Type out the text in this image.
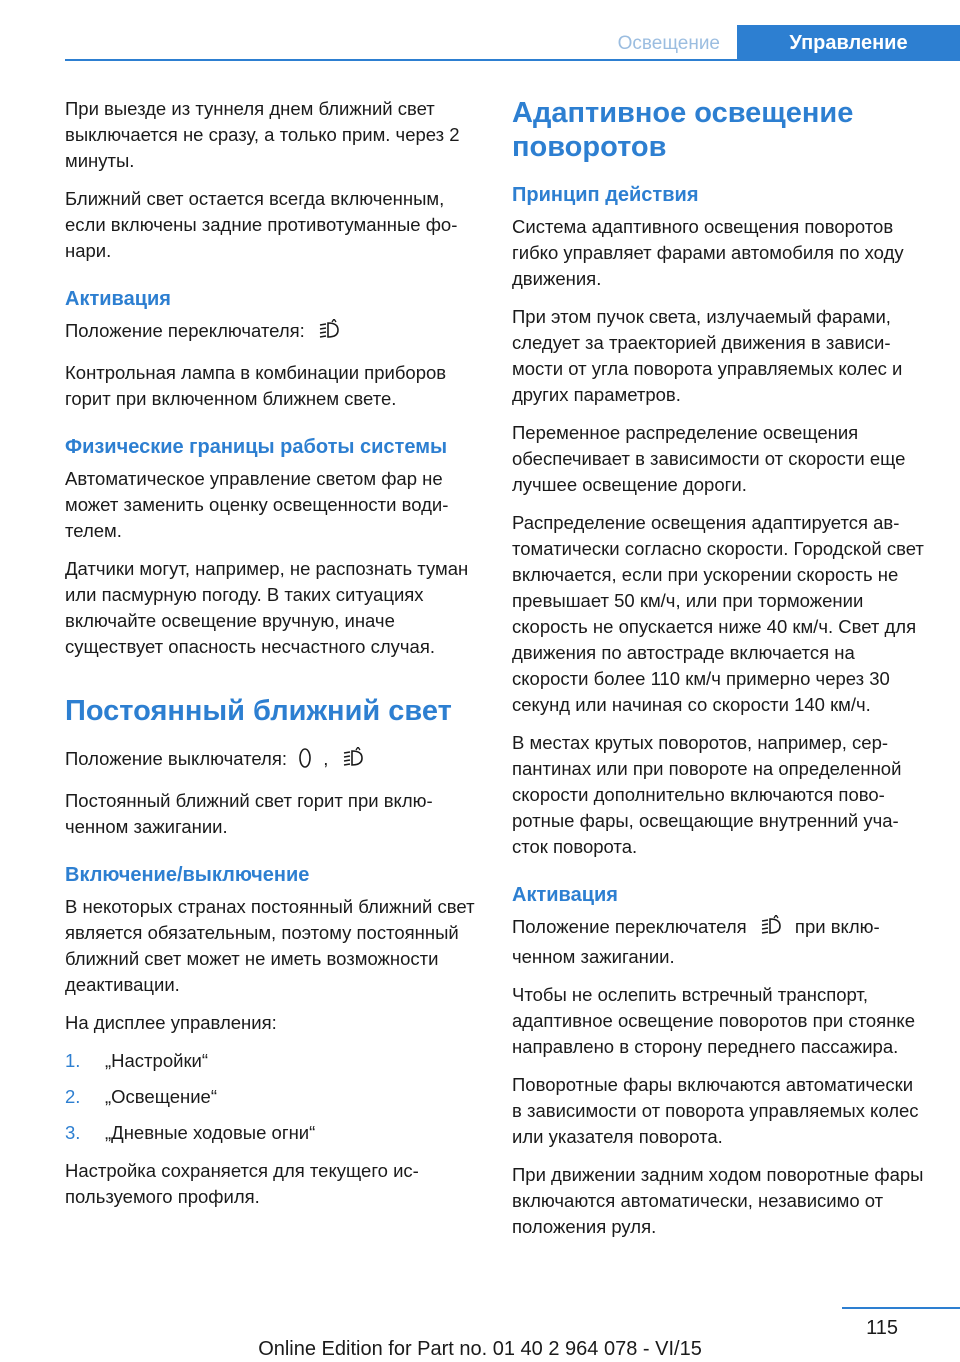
Освещение	Управление

При выезде из туннеля днем ближний свет выключается не сразу, а только прим. через 2 минуты.

Ближний свет остается всегда включенным, если включены задние противотуманные фонари.

Активация

Положение переключателя:

Контрольная лампа в комбинации приборов горит при включенном ближнем свете.

Физические границы работы системы

Автоматическое управление светом фар не может заменить оценку освещенности водителем.

Датчики могут, например, не распознать туман или пасмурную погоду. В таких ситуациях включайте освещение вручную, иначе существует опасность несчастного случая.

Постоянный ближний свет

Положение выключателя: ,

Постоянный ближний свет горит при включенном зажигании.

Включение/выключение

В некоторых странах постоянный ближний свет является обязательным, поэтому постоянный ближний свет может не иметь возможности деактивации.

На дисплее управления:

1. „Настройки“
2. „Освещение“
3. „Дневные ходовые огни“

Настройка сохраняется для текущего используемого профиля.

Адаптивное освещение поворотов
Принцип действия

Система адаптивного освещения поворотов гибко управляет фарами автомобиля по ходу движения.

При этом пучок света, излучаемый фарами, следует за траекторией движения в зависимости от угла поворота управляемых колес и других параметров.

Переменное распределение освещения обеспечивает в зависимости от скорости еще лучшее освещение дороги.

Распределение освещения адаптируется автоматически согласно скорости. Городской свет включается, если при ускорении скорость не превышает 50 км/ч, или при торможении скорость не опускается ниже 40 км/ч. Свет для движения по автостраде включается на скорости более 110 км/ч примерно через 30 секунд или начиная со скорости 140 км/ч.

В местах крутых поворотов, например, серпантинах или при повороте на определенной скорости дополнительно включаются поворотные фары, освещающие внутренний участок поворота.

Активация

Положение переключателя	при включенном зажигании.

Чтобы не ослепить встречный транспорт, адаптивное освещение поворотов при стоянке направлено в сторону переднего пассажира.

Поворотные фары включаются автоматически в зависимости от поворота управляемых колес или указателя поворота.

При движении задним ходом поворотные фары включаются автоматически, независимо от положения руля.

115
Online Edition for Part no. 01 40 2 964 078 - VI/15
